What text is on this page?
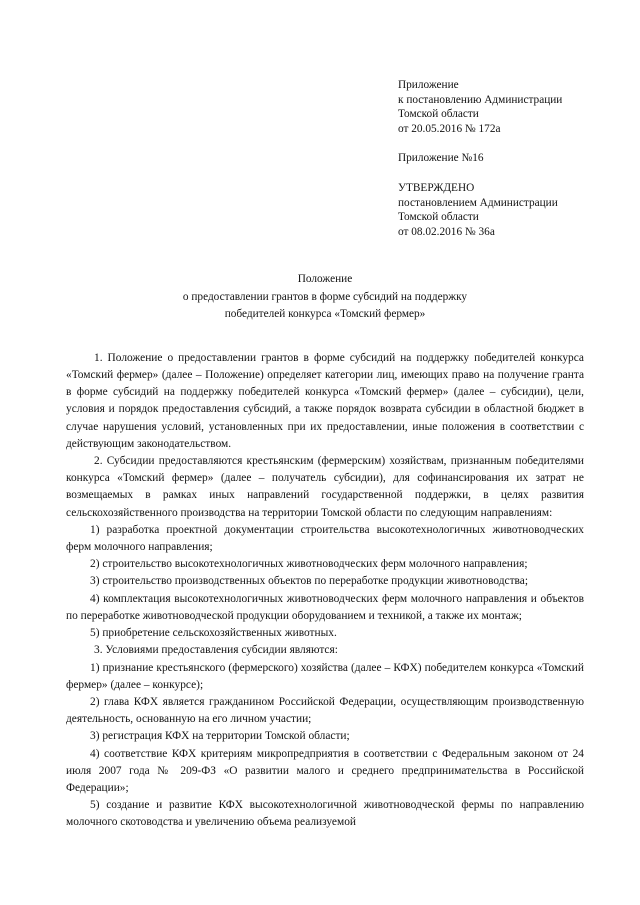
Приложение

к постановлению Администрации

Томской области

от 20.05.2016 № 172а

Приложение №16

УТВЕРЖДЕНО

постановлением Администрации

Томской области

от 08.02.2016 № 36а

Положение

о предоставлении грантов в форме субсидий на поддержку

победителей конкурса «Томский фермер»

1. Положение о предоставлении грантов в форме субсидий на поддержку победителей конкурса «Томский фермер» (далее – Положение) определяет категории лиц, имеющих право на получение гранта в форме субсидий на поддержку победителей конкурса «Томский фермер» (далее – субсидии), цели, условия и порядок предоставления субсидий, а также порядок возврата субсидии в областной бюджет в случае нарушения условий, установленных при их предоставлении, иные положения в соответствии с действующим законодательством.

2. Субсидии предоставляются крестьянским (фермерским) хозяйствам, признанным победителями конкурса «Томский фермер» (далее – получатель субсидии), для софинансирования их затрат не возмещаемых в рамках иных направлений государственной поддержки, в целях развития сельскохозяйственного производства на территории Томской области по следующим направлениям:

1) разработка проектной документации строительства высокотехнологичных животноводческих ферм молочного направления;

2) строительство высокотехнологичных животноводческих ферм молочного направления;

3) строительство производственных объектов по переработке продукции животноводства;

4) комплектация высокотехнологичных животноводческих ферм молочного направления и объектов по переработке животноводческой продукции оборудованием и техникой, а также их монтаж;

5) приобретение сельскохозяйственных животных.

3. Условиями предоставления субсидии являются:

1) признание крестьянского (фермерского) хозяйства (далее – КФХ) победителем конкурса «Томский фермер» (далее – конкурсе);

2) глава КФХ является гражданином Российской Федерации, осуществляющим производственную деятельность, основанную на его личном участии;

3) регистрация КФХ на территории Томской области;

4) соответствие КФХ критериям микропредприятия в соответствии с Федеральным законом от 24 июля 2007 года № 209-ФЗ «О развитии малого и среднего предпринимательства в Российской Федерации»;

5) создание и развитие КФХ высокотехнологичной животноводческой фермы по направлению молочного скотоводства и увеличению объема реализуемой
